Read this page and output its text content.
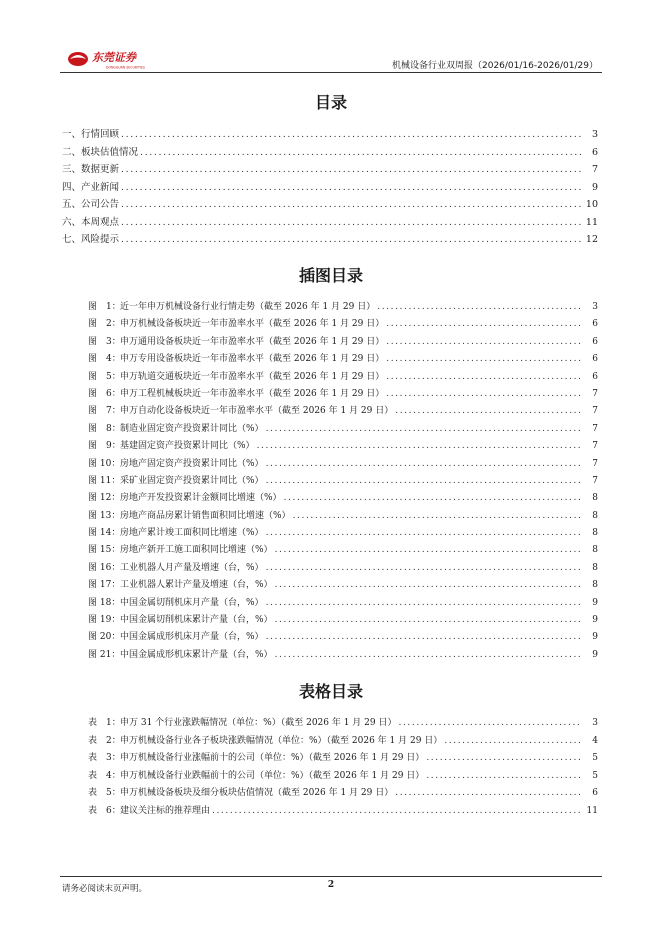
东莞证券
DONGGUAN SECURITIES	机械设备行业双周报（2026/01/16-2026/01/29）
目录
一、行情回顾 .....	3
二、板块估值情况 .....	6
三、数据更新 .....	7
四、产业新闻 .....	9
五、公司公告 .....	10
六、本周观点 .....	11
七、风险提示 .....	12
插图目录
图　1：近一年申万机械设备行业行情走势（截至 2026 年 1 月 29 日） .....	3
图　2：申万机械设备板块近一年市盈率水平（截至 2026 年 1 月 29 日） .....	6
图　3：申万通用设备板块近一年市盈率水平（截至 2026 年 1 月 29 日） .....	6
图　4：申万专用设备板块近一年市盈率水平（截至 2026 年 1 月 29 日） .....	6
图　5：申万轨道交通板块近一年市盈率水平（截至 2026 年 1 月 29 日） .....	6
图　6：申万工程机械板块近一年市盈率水平（截至 2026 年 1 月 29 日） .....	7
图　7：申万自动化设备板块近一年市盈率水平（截至 2026 年 1 月 29 日） .....	7
图　8：制造业固定资产投资累计同比（%） .....	7
图　9：基建固定资产投资累计同比（%） .....	7
图 10：房地产固定资产投资累计同比（%） .....	7
图 11：采矿业固定资产投资累计同比（%） .....	7
图 12：房地产开发投资累计金额同比增速（%） .....	8
图 13：房地产商品房累计销售面积同比增速（%） .....	8
图 14：房地产累计竣工面积同比增速（%） .....	8
图 15：房地产新开工施工面积同比增速（%） .....	8
图 16：工业机器人月产量及增速（台，%） .....	8
图 17：工业机器人累计产量及增速（台，%） .....	8
图 18：中国金属切削机床月产量（台，%） .....	9
图 19：中国金属切削机床累计产量（台，%） .....	9
图 20：中国金属成形机床月产量（台，%） .....	9
图 21：中国金属成形机床累计产量（台，%） .....	9
表格目录
表　1：申万 31 个行业涨跌幅情况（单位：%）（截至 2026 年 1 月 29 日） .....	3
表　2：申万机械设备行业各子板块涨跌幅情况（单位：%）（截至 2026 年 1 月 29 日） .....	4
表　3：申万机械设备行业涨幅前十的公司（单位：%）（截至 2026 年 1 月 29 日） .....	5
表　4：申万机械设备行业跌幅前十的公司（单位：%）（截至 2026 年 1 月 29 日） .....	5
表　5：申万机械设备板块及细分板块估值情况（截至 2026 年 1 月 29 日） .....	6
表　6：建议关注标的推荐理由 .....	11
请务必阅读末页声明。	2
